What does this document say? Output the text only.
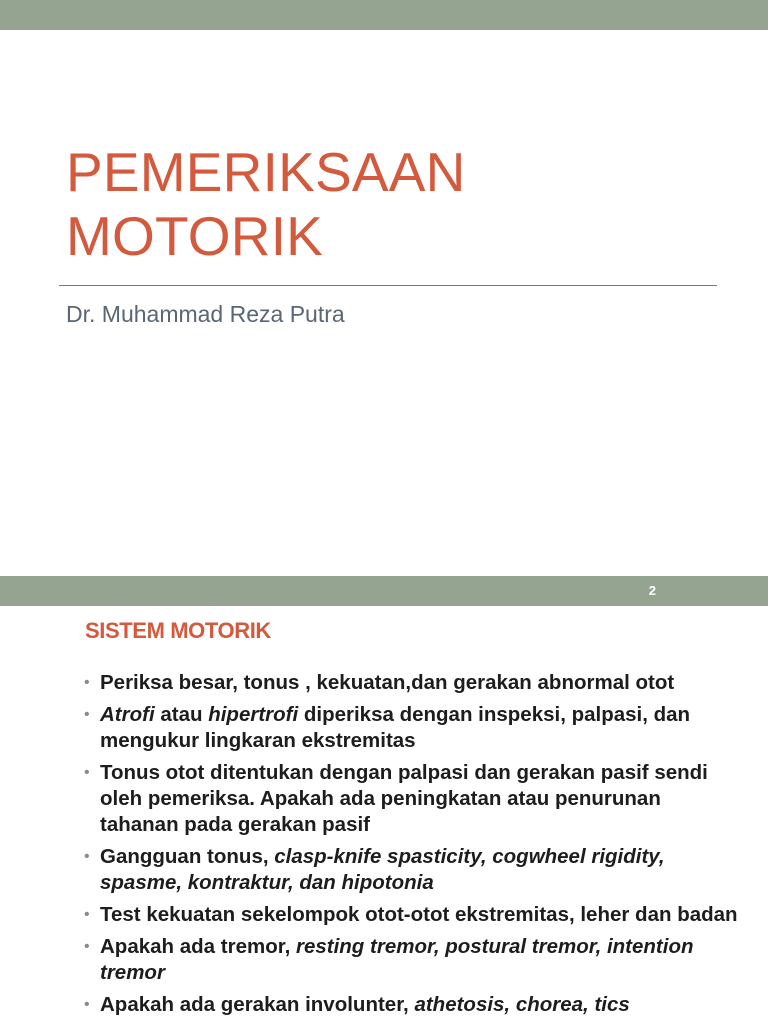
PEMERIKSAAN
MOTORIK
Dr. Muhammad Reza Putra
2
SISTEM MOTORIK
• Periksa besar, tonus , kekuatan,dan gerakan abnormal otot
• Atrofi atau hipertrofi diperiksa dengan inspeksi, palpasi, dan mengukur lingkaran ekstremitas
• Tonus otot ditentukan dengan palpasi dan gerakan pasif sendi oleh pemeriksa. Apakah ada peningkatan atau penurunan tahanan pada gerakan pasif
• Gangguan tonus, clasp-knife spasticity, cogwheel rigidity, spasme, kontraktur, dan hipotonia
• Test kekuatan sekelompok otot-otot ekstremitas, leher dan badan
• Apakah ada tremor, resting tremor, postural tremor, intention tremor
• Apakah ada gerakan involunter, athetosis, chorea, tics
